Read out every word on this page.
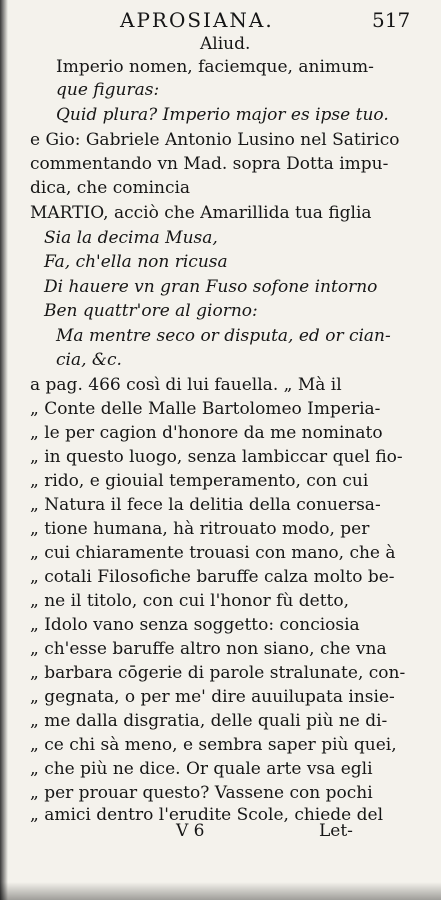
APROSIANA.	517
Aliud.
Imperio nomen, faciemque, animum-
que figuras:
Quid plura? Imperio major es ipse tuo.
e Gio: Gabriele Antonio Lusino nel Satirico
commentando vn Mad. sopra Dotta impu-
dica, che comincia
MARTIO, acciò che Amarillida tua figlia
Sia la decima Musa,
Fa, ch'ella non ricusa
Di hauere vn gran Fuso sofone intorno
Ben quattr'ore al giorno:
Ma mentre seco or disputa, ed or cian-
cia, &c.
a pag. 466 così di lui fauella. „ Mà il
„ Conte delle Malle Bartolomeo Imperia-
„ le per cagion d'honore da me nominato
„ in questo luogo, senza lambiccar quel fio-
„ rido, e giouial temperamento, con cui
„ Natura il fece la delitia della conuersa-
„ tione humana, hà ritrouato modo, per
„ cui chiaramente trouasi con mano, che à
„ cotali Filosofiche baruffe calza molto be-
„ ne il titolo, con cui l'honor fù detto,
„ Idolo vano senza soggetto: conciosia
„ ch'esse baruffe altro non siano, che vna
„ barbara cōgerie di parole stralunate, con-
„ gegnata, o per me' dire auuilupata insie-
„ me dalla disgratia, delle quali più ne di-
„ ce chi sà meno, e sembra saper più quei,
„ che più ne dice. Or quale arte vsa egli
„ per prouar questo? Vassene con pochi
„ amici dentro l'erudite Scole, chiede del
V 6	Let-
